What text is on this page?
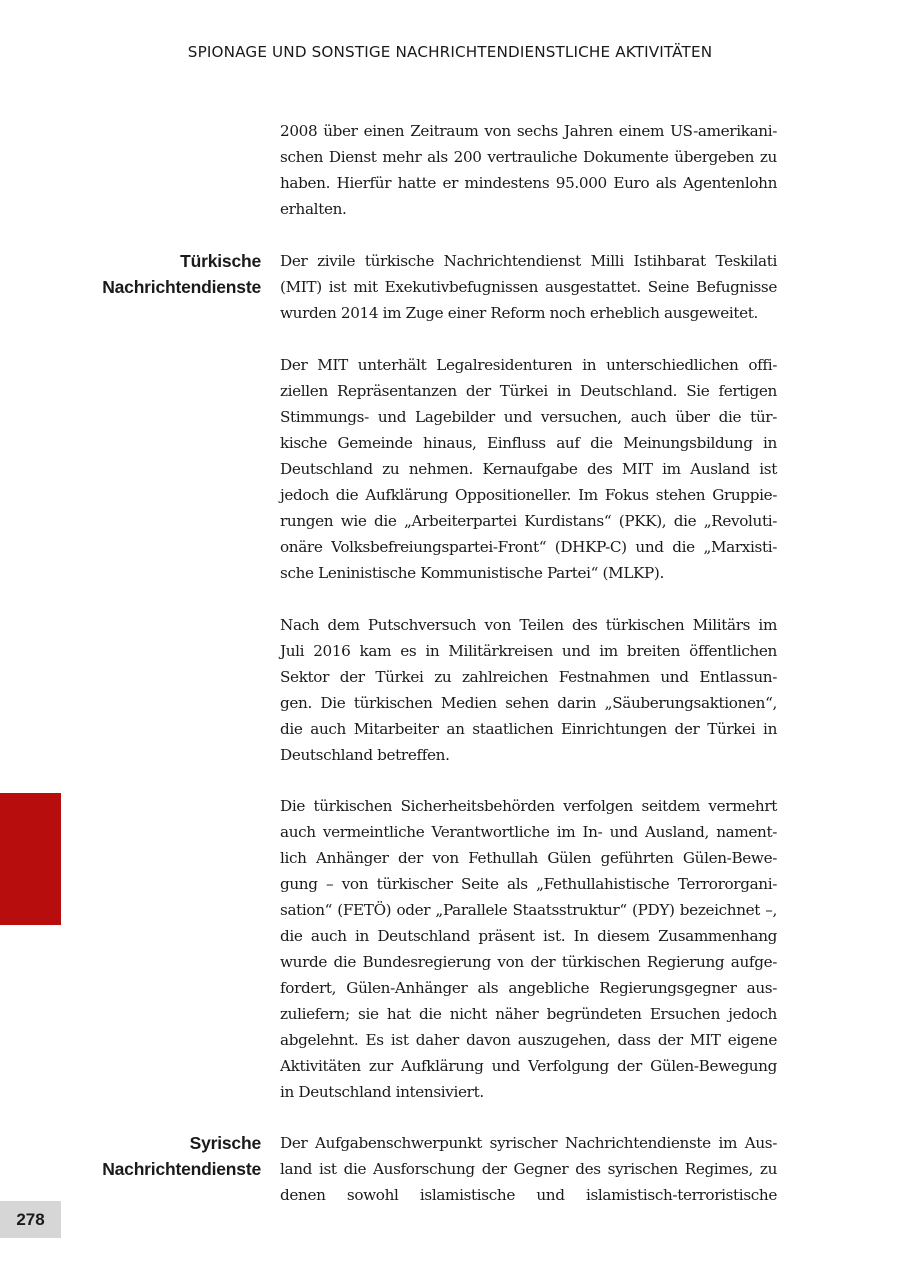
SPIONAGE UND SONSTIGE NACHRICHTENDIENSTLICHE AKTIVITÄTEN

2008 über einen Zeitraum von sechs Jahren einem US-amerikani-
schen Dienst mehr als 200 vertrauliche Dokumente übergeben zu
haben. Hierfür hatte er mindestens 95.000 Euro als Agentenlohn
erhalten.

Türkische
Nachrichtendienste

Der zivile türkische Nachrichtendienst Milli Istihbarat Teskilati
(MIT) ist mit Exekutivbefugnissen ausgestattet. Seine Befugnisse
wurden 2014 im Zuge einer Reform noch erheblich ausgeweitet.

Der MIT unterhält Legalresidenturen in unterschiedlichen offi-
ziellen Repräsentanzen der Türkei in Deutschland. Sie fertigen
Stimmungs- und Lagebilder und versuchen, auch über die tür-
kische Gemeinde hinaus, Einfluss auf die Meinungsbildung in
Deutschland zu nehmen. Kernaufgabe des MIT im Ausland ist
jedoch die Aufklärung Oppositioneller. Im Fokus stehen Gruppie-
rungen wie die „Arbeiterpartei Kurdistans“ (PKK), die „Revoluti-
onäre Volksbefreiungspartei-Front“ (DHKP-C) und die „Marxisti-
sche Leninistische Kommunistische Partei“ (MLKP).

Nach dem Putschversuch von Teilen des türkischen Militärs im
Juli 2016 kam es in Militärkreisen und im breiten öffentlichen
Sektor der Türkei zu zahlreichen Festnahmen und Entlassun-
gen. Die türkischen Medien sehen darin „Säuberungsaktionen“,
die auch Mitarbeiter an staatlichen Einrichtungen der Türkei in
Deutschland betreffen.

Die türkischen Sicherheitsbehörden verfolgen seitdem vermehrt
auch vermeintliche Verantwortliche im In- und Ausland, nament-
lich Anhänger der von Fethullah Gülen geführten Gülen-Bewe-
gung – von türkischer Seite als „Fethullahistische Terrororgani-
sation“ (FETÖ) oder „Parallele Staatsstruktur“ (PDY) bezeichnet –,
die auch in Deutschland präsent ist. In diesem Zusammenhang
wurde die Bundesregierung von der türkischen Regierung aufge-
fordert, Gülen-Anhänger als angebliche Regierungsgegner aus-
zuliefern; sie hat die nicht näher begründeten Ersuchen jedoch
abgelehnt. Es ist daher davon auszugehen, dass der MIT eigene
Aktivitäten zur Aufklärung und Verfolgung der Gülen-Bewegung
in Deutschland intensiviert.

Syrische
Nachrichtendienste

Der Aufgabenschwerpunkt syrischer Nachrichtendienste im Aus-
land ist die Ausforschung der Gegner des syrischen Regimes, zu
denen sowohl islamistische und islamistisch-terroristische

278
